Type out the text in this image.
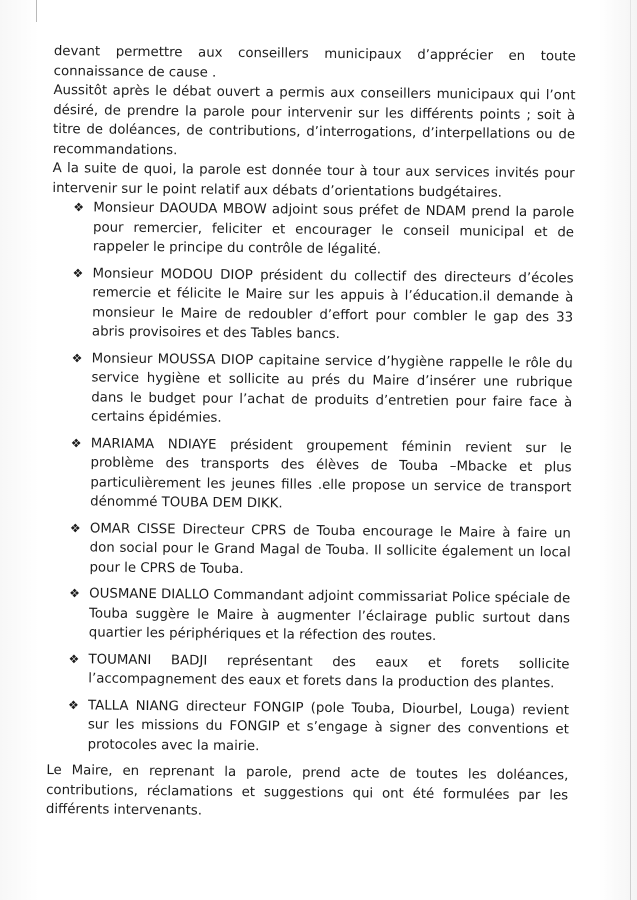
devant permettre aux conseillers municipaux d’apprécier en toute connaissance de cause .

Aussitôt après le débat ouvert a permis aux conseillers municipaux qui l’ont désiré, de prendre la parole pour intervenir sur les différents points ; soit à titre de doléances, de contributions, d’interrogations, d’interpellations ou de recommandations.

A la suite de quoi, la parole est donnée tour à tour aux services invités pour intervenir sur le point relatif aux débats d’orientations budgétaires.

❖ Monsieur DAOUDA MBOW adjoint sous préfet de NDAM prend la parole pour remercier, feliciter et encourager le conseil municipal et de rappeler le principe du contrôle de légalité.
❖ Monsieur MODOU DIOP président du collectif des directeurs d’écoles remercie et félicite le Maire sur les appuis à l’éducation.il demande à monsieur le Maire de redoubler d’effort pour combler le gap des 33 abris provisoires et des Tables bancs.
❖ Monsieur MOUSSA DIOP capitaine service d’hygiène rappelle le rôle du service hygiène et sollicite au prés du Maire d’insérer une rubrique dans le budget pour l’achat de produits d’entretien pour faire face à certains épidémies.
❖ MARIAMA NDIAYE président groupement féminin revient sur le problème des transports des élèves de Touba –Mbacke et plus particulièrement les jeunes filles .elle propose un service de transport dénommé TOUBA DEM DIKK.
❖ OMAR CISSE Directeur CPRS de Touba encourage le Maire à faire un don social pour le Grand Magal de Touba. Il sollicite également un local pour le CPRS de Touba.
❖ OUSMANE DIALLO Commandant adjoint commissariat Police spéciale de Touba suggère le Maire à augmenter l’éclairage public surtout dans quartier les périphériques et la réfection des routes.
❖ TOUMANI BADJI représentant des eaux et forets sollicite l’accompagnement des eaux et forets dans la production des plantes.
❖ TALLA NIANG directeur FONGIP (pole Touba, Diourbel, Louga) revient sur les missions du FONGIP et s’engage à signer des conventions et protocoles avec la mairie.

Le Maire, en reprenant la parole, prend acte de toutes les doléances, contributions, réclamations et suggestions qui ont été formulées par les différents intervenants.
